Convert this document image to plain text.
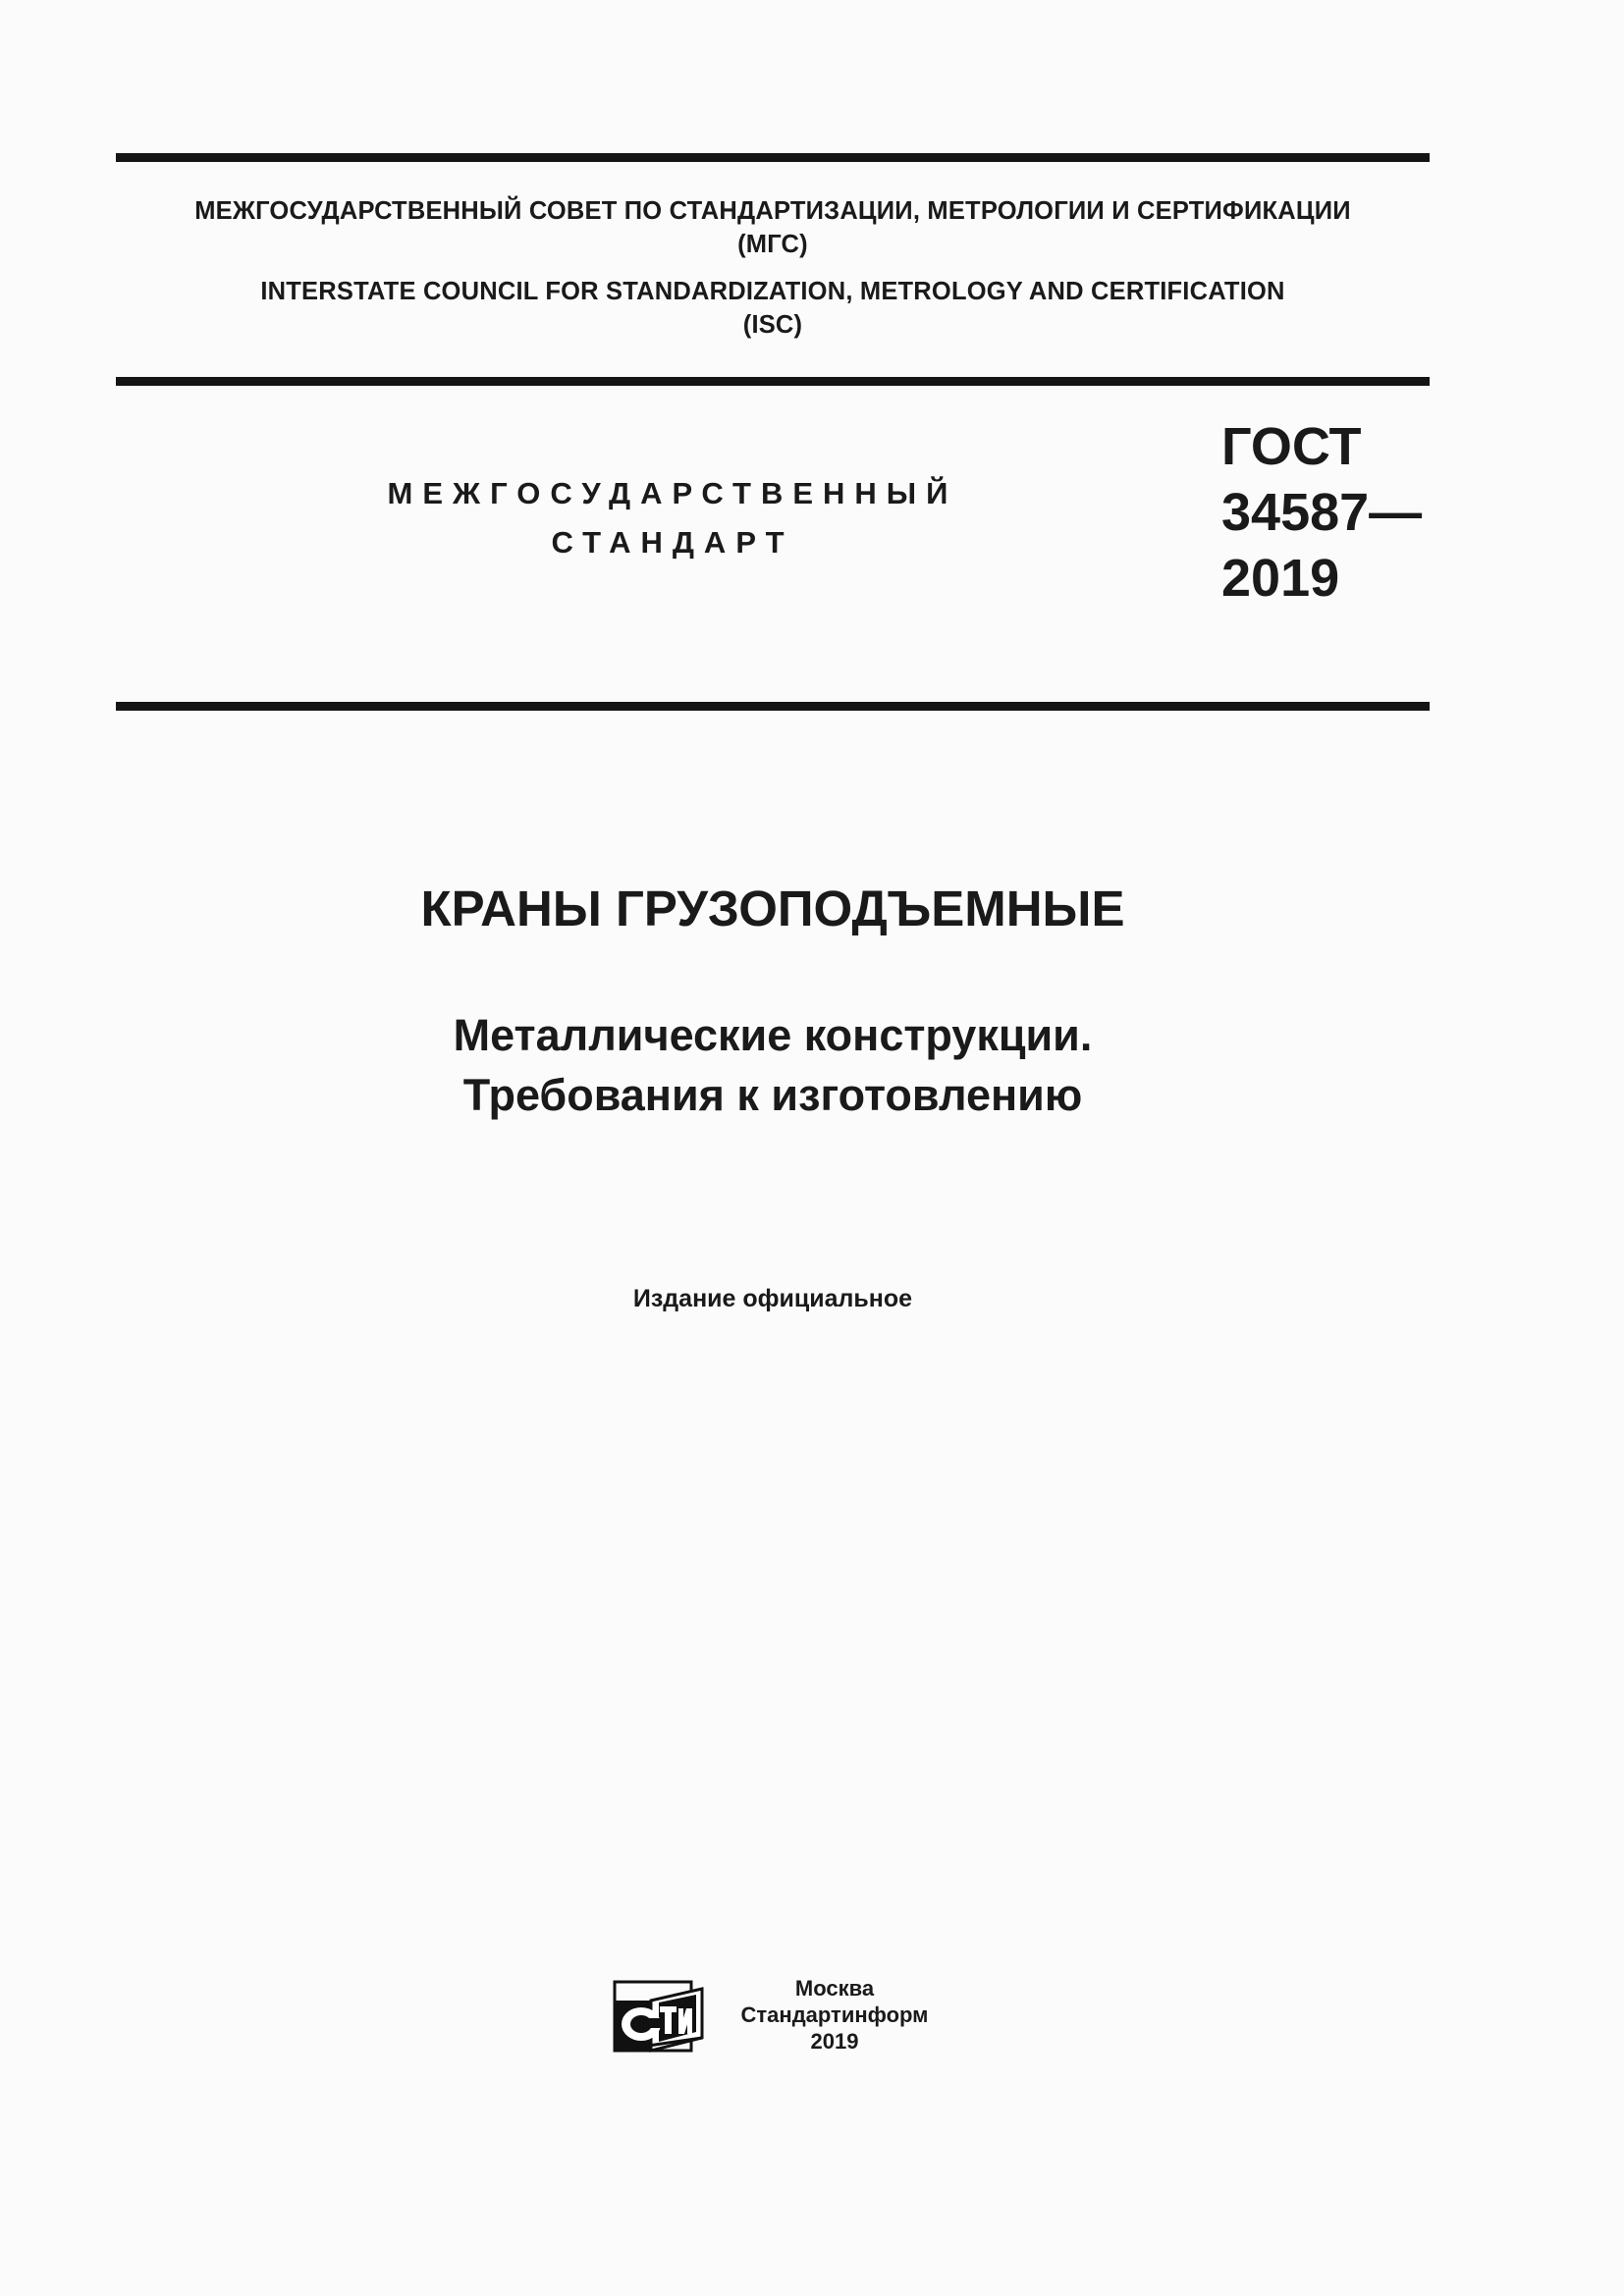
МЕЖГОСУДАРСТВЕННЫЙ СОВЕТ ПО СТАНДАРТИЗАЦИИ, МЕТРОЛОГИИ И СЕРТИФИКАЦИИ
(МГС)
INTERSTATE COUNCIL FOR STANDARDIZATION, METROLOGY AND CERTIFICATION
(ISC)
МЕЖГОСУДАРСТВЕННЫЙ
СТАНДАРТ
ГОСТ
34587—
2019
КРАНЫ ГРУЗОПОДЪЕМНЫЕ
Металлические конструкции.
Требования к изготовлению
Издание официальное
Москва
Стандартинформ
2019
